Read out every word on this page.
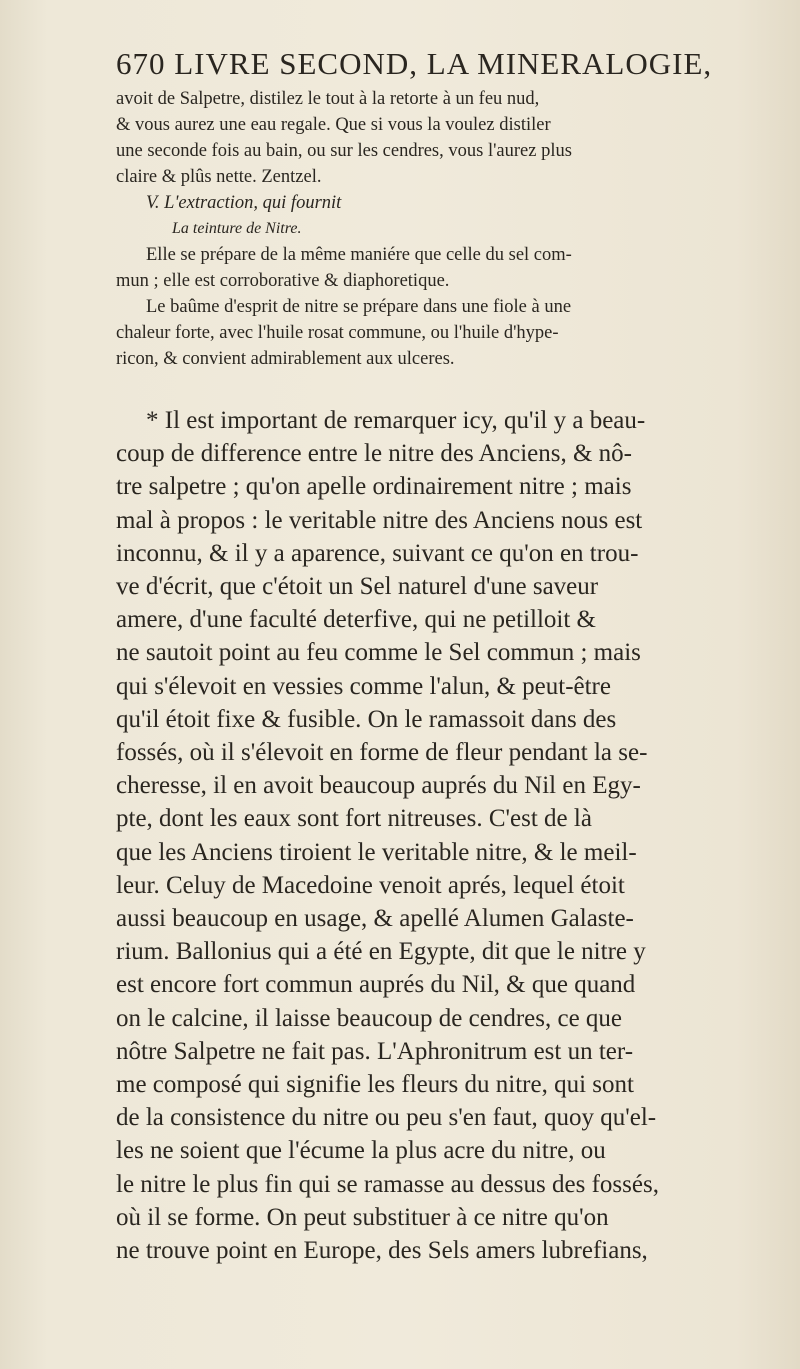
670 LIVRE SECOND, LA MINERALOGIE,
avoit de Salpetre, distilez le tout à la retorte à un feu nud,
& vous aurez une eau regale. Que si vous la voulez distiler
une seconde fois au bain, ou sur les cendres, vous l'aurez plus
claire & plûs nette. Zentzel.
V. L'extraction, qui fournit
La teinture de Nitre.
Elle se prépare de la même maniére que celle du sel com-
mun ; elle est corroborative & diaphoretique.
Le baûme d'esprit de nitre se prépare dans une fiole à une
chaleur forte, avec l'huile rosat commune, ou l'huile d'hype-
ricon, & convient admirablement aux ulceres.
* Il est important de remarquer icy, qu'il y a beau-
coup de difference entre le nitre des Anciens, & nô-
tre salpetre ; qu'on apelle ordinairement nitre ; mais
mal à propos : le veritable nitre des Anciens nous est
inconnu, & il y a aparence, suivant ce qu'on en trou-
ve d'écrit, que c'étoit un Sel naturel d'une saveur
amere, d'une faculté deterfive, qui ne petilloit &
ne sautoit point au feu comme le Sel commun ; mais
qui s'élevoit en vessies comme l'alun, & peut-être
qu'il étoit fixe & fusible. On le ramassoit dans des
fossés, où il s'élevoit en forme de fleur pendant la se-
cheresse, il en avoit beaucoup auprés du Nil en Egy-
pte, dont les eaux sont fort nitreuses. C'est de là
que les Anciens tiroient le veritable nitre, & le meil-
leur. Celuy de Macedoine venoit aprés, lequel étoit
aussi beaucoup en usage, & apellé Alumen Galaste-
rium. Ballonius qui a été en Egypte, dit que le nitre y
est encore fort commun auprés du Nil, & que quand
on le calcine, il laisse beaucoup de cendres, ce que
nôtre Salpetre ne fait pas. L'Aphronitrum est un ter-
me composé qui signifie les fleurs du nitre, qui sont
de la consistence du nitre ou peu s'en faut, quoy qu'el-
les ne soient que l'écume la plus acre du nitre, ou
le nitre le plus fin qui se ramasse au dessus des fossés,
où il se forme. On peut substituer à ce nitre qu'on
ne trouve point en Europe, des Sels amers lubrefians,
